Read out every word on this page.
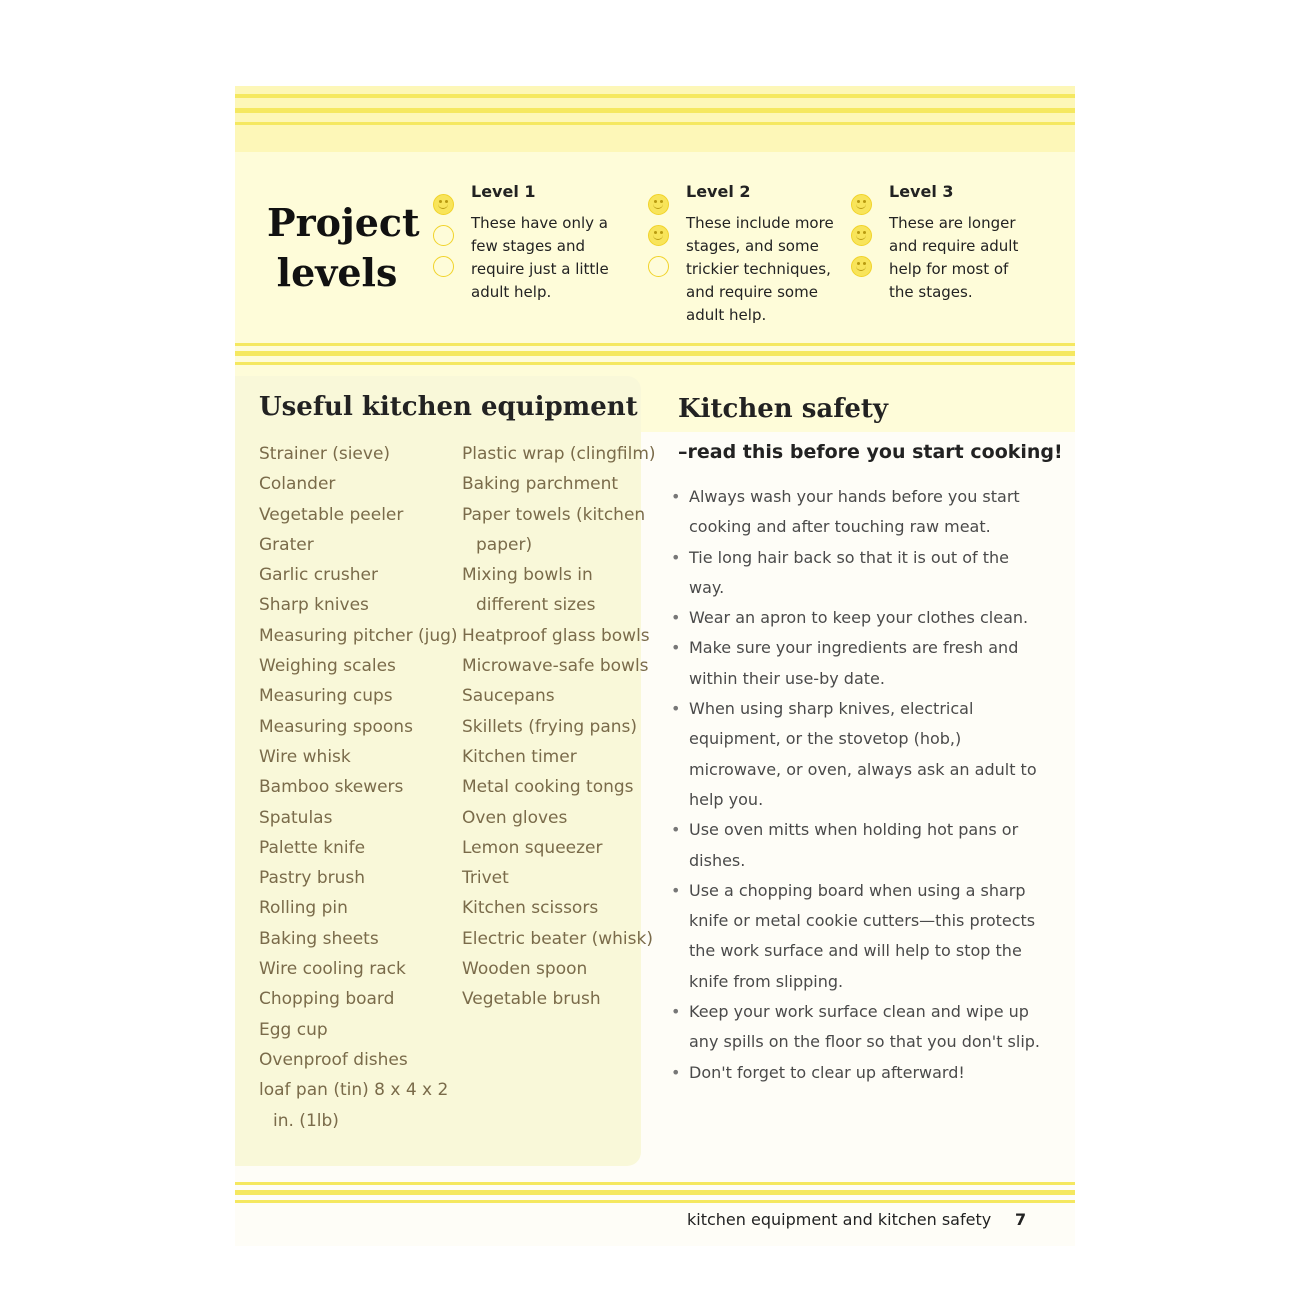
Project
levels
Level 1
These have only a few stages and require just a little adult help.
Level 2
These include more stages, and some trickier techniques, and require some adult help.
Level 3
These are longer and require adult help for most of the stages.
Useful kitchen equipment
Strainer (sieve)
Colander
Vegetable peeler
Grater
Garlic crusher
Sharp knives
Measuring pitcher (jug)
Weighing scales
Measuring cups
Measuring spoons
Wire whisk
Bamboo skewers
Spatulas
Palette knife
Pastry brush
Rolling pin
Baking sheets
Wire cooling rack
Chopping board
Egg cup
Ovenproof dishes
loaf pan (tin) 8 x 4 x 2
in. (1lb)
Plastic wrap (clingfilm)
Baking parchment
Paper towels (kitchen
paper)
Mixing bowls in
different sizes
Heatproof glass bowls
Microwave-safe bowls
Saucepans
Skillets (frying pans)
Kitchen timer
Metal cooking tongs
Oven gloves
Lemon squeezer
Trivet
Kitchen scissors
Electric beater (whisk)
Wooden spoon
Vegetable brush
Kitchen safety
–read this before you start cooking!
• Always wash your hands before you start cooking and after touching raw meat.
• Tie long hair back so that it is out of the way.
• Wear an apron to keep your clothes clean.
• Make sure your ingredients are fresh and within their use-by date.
• When using sharp knives, electrical equipment, or the stovetop (hob,) microwave, or oven, always ask an adult to help you.
• Use oven mitts when holding hot pans or dishes.
• Use a chopping board when using a sharp knife or metal cookie cutters—this protects the work surface and will help to stop the knife from slipping.
• Keep your work surface clean and wipe up any spills on the floor so that you don't slip.
• Don't forget to clear up afterward!
kitchen equipment and kitchen safety 7
